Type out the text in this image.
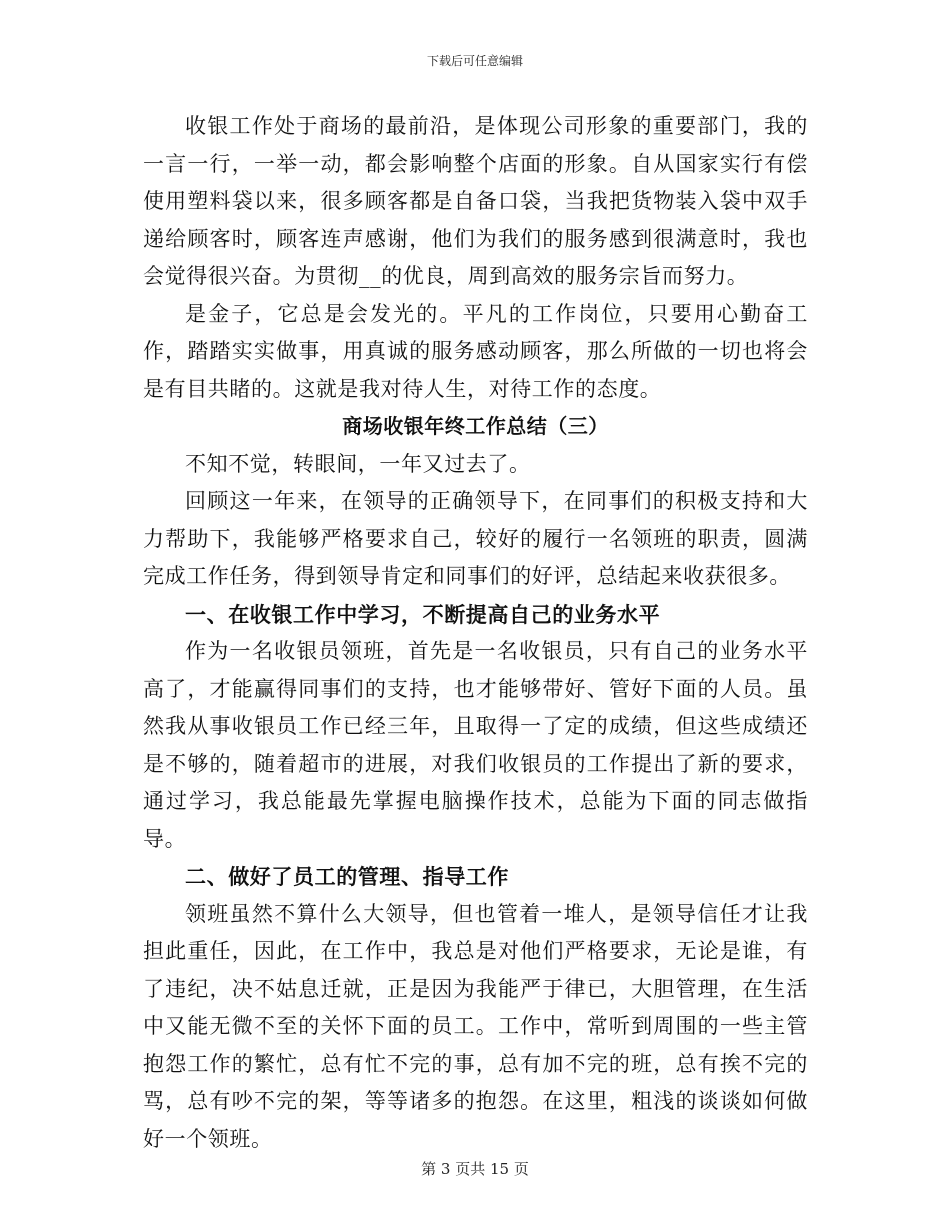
下载后可任意编辑

收银工作处于商场的最前沿，是体现公司形象的重要部门，我的一言一行，一举一动，都会影响整个店面的形象。自从国家实行有偿使用塑料袋以来，很多顾客都是自备口袋，当我把货物装入袋中双手递给顾客时，顾客连声感谢，他们为我们的服务感到很满意时，我也会觉得很兴奋。为贯彻__的优良，周到高效的服务宗旨而努力。

是金子，它总是会发光的。平凡的工作岗位，只要用心勤奋工作，踏踏实实做事，用真诚的服务感动顾客，那么所做的一切也将会是有目共睹的。这就是我对待人生，对待工作的态度。

商场收银年终工作总结（三）

不知不觉，转眼间，一年又过去了。

回顾这一年来，在领导的正确领导下，在同事们的积极支持和大力帮助下，我能够严格要求自己，较好的履行一名领班的职责，圆满完成工作任务，得到领导肯定和同事们的好评，总结起来收获很多。

一、在收银工作中学习，不断提高自己的业务水平

作为一名收银员领班，首先是一名收银员，只有自己的业务水平高了，才能赢得同事们的支持，也才能够带好、管好下面的人员。虽然我从事收银员工作已经三年，且取得一了定的成绩，但这些成绩还是不够的，随着超市的进展，对我们收银员的工作提出了新的要求，通过学习，我总能最先掌握电脑操作技术，总能为下面的同志做指导。

二、做好了员工的管理、指导工作

领班虽然不算什么大领导，但也管着一堆人，是领导信任才让我担此重任，因此，在工作中，我总是对他们严格要求，无论是谁，有了违纪，决不姑息迁就，正是因为我能严于律已，大胆管理，在生活中又能无微不至的关怀下面的员工。工作中，常听到周围的一些主管抱怨工作的繁忙，总有忙不完的事，总有加不完的班，总有挨不完的骂，总有吵不完的架，等等诸多的抱怨。在这里，粗浅的谈谈如何做好一个领班。

第 3 页共 15 页
